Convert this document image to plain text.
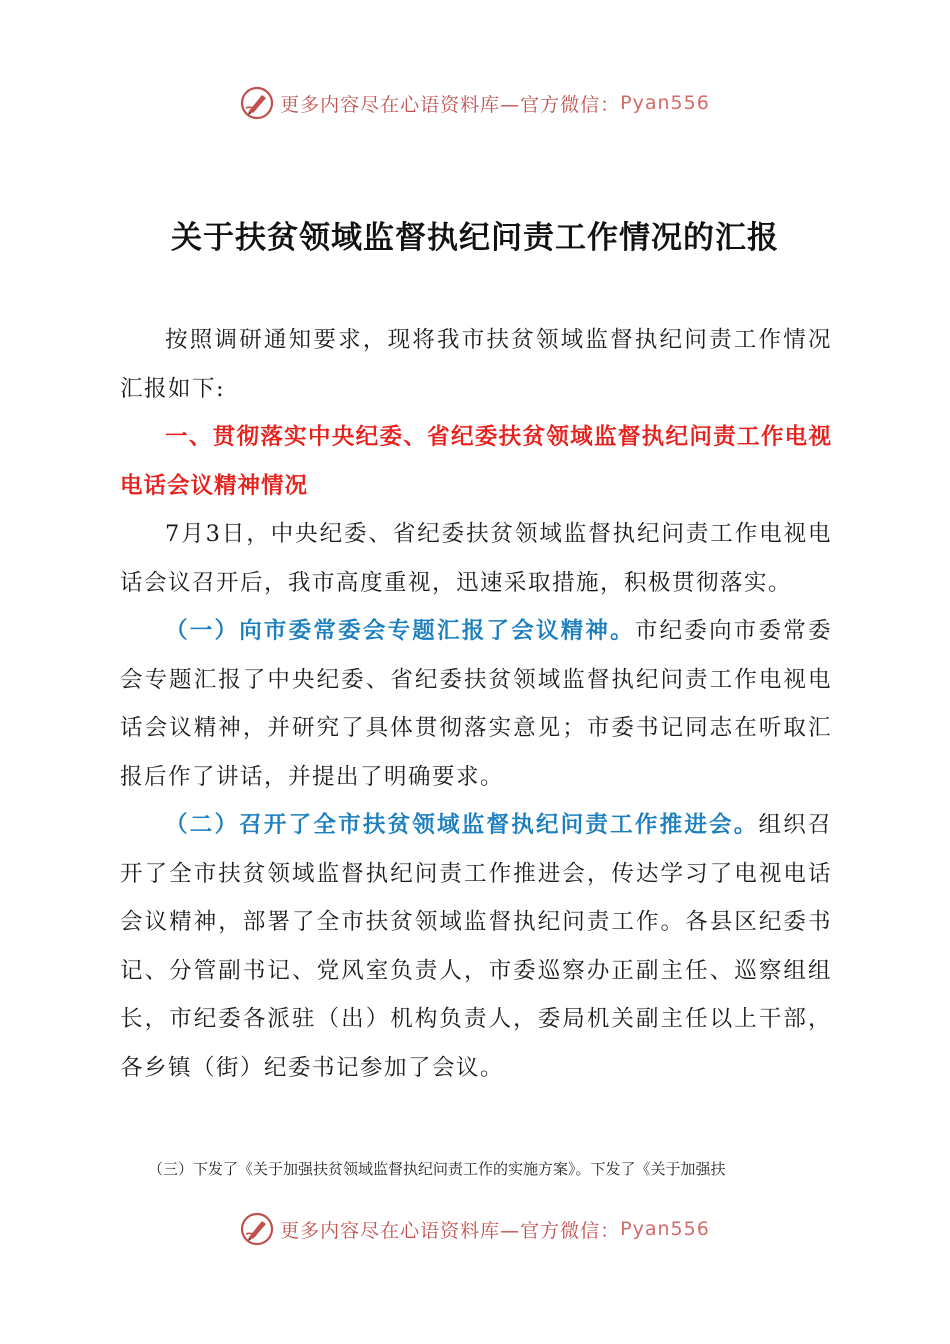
更多内容尽在心语资料库—官方微信： Pyan556
关于扶贫领域监督执纪问责工作情况的汇报

按照调研通知要求，现将我市扶贫领域监督执纪问责工作情况汇报如下:

一、贯彻落实中央纪委、省纪委扶贫领域监督执纪问责工作电视电话会议精神情况

7月3日，中央纪委、省纪委扶贫领域监督执纪问责工作电视电话会议召开后，我市高度重视，迅速采取措施，积极贯彻落实。

（一）向市委常委会专题汇报了会议精神。市纪委向市委常委会专题汇报了中央纪委、省纪委扶贫领域监督执纪问责工作电视电话会议精神，并研究了具体贯彻落实意见；市委书记同志在听取汇报后作了讲话，并提出了明确要求。

（二）召开了全市扶贫领域监督执纪问责工作推进会。组织召开了全市扶贫领域监督执纪问责工作推进会，传达学习了电视电话会议精神，部署了全市扶贫领域监督执纪问责工作。各县区纪委书记、分管副书记、党风室负责人，市委巡察办正副主任、巡察组组长，市纪委各派驻（出）机构负责人，委局机关副主任以上干部，各乡镇（街）纪委书记参加了会议。

（三）下发了《关于加强扶贫领域监督执纪问责工作的实施方案》。下发了《关于加强扶
更多内容尽在心语资料库—官方微信： Pyan556
